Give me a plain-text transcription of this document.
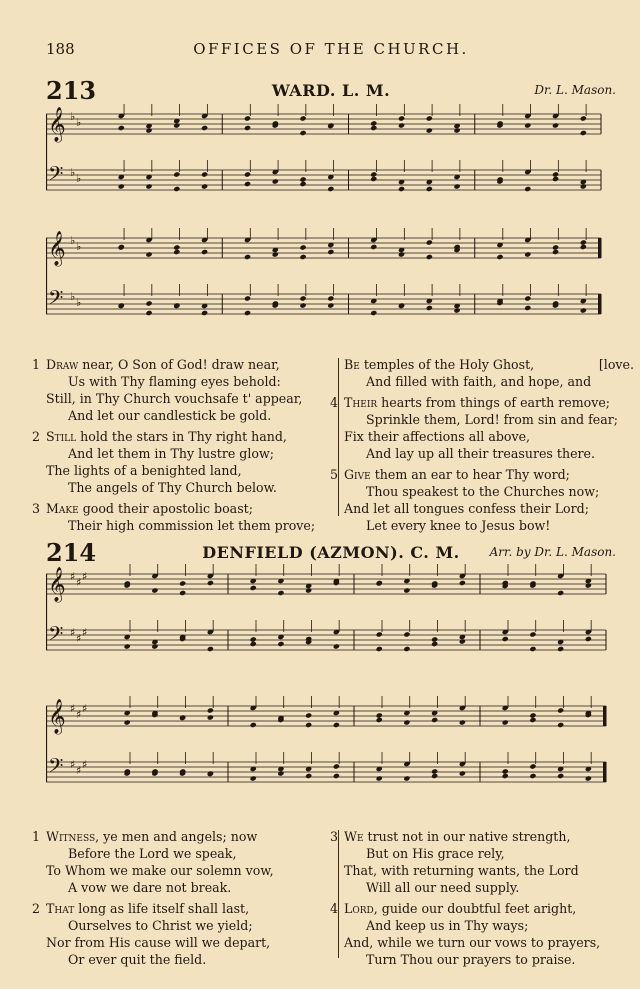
188	OFFICES OF THE CHURCH.
213	WARD. L. M.	Dr. L. Mason.
𝄞 ♭ ♭
𝄢 ♭ ♭
𝄞 ♭ ♭
𝄢 ♭ ♭
1 Draw near, O Son of God! draw near,
Us with Thy flaming eyes behold:
Still, in Thy Church vouchsafe t' appear,
And let our candlestick be gold.
2 Still hold the stars in Thy right hand,
And let them in Thy lustre glow;
The lights of a benighted land,
The angels of Thy Church below.
3 Make good their apostolic boast;
Their high commission let them prove;
Be temples of the Holy Ghost,	[love.
And filled with faith, and hope, and
4 Their hearts from things of earth remove;
Sprinkle them, Lord! from sin and fear;
Fix their affections all above,
And lay up all their treasures there.
5 Give them an ear to hear Thy word;
Thou speakest to the Churches now;
And let all tongues confess their Lord;
Let every knee to Jesus bow!
214	DENFIELD (AZMON). C. M.	Arr. by Dr. L. Mason.
𝄞 ♯ ♯ ♯
𝄢 ♯ ♯ ♯
𝄞 ♯ ♯ ♯
𝄢 ♯ ♯ ♯
1 Witness, ye men and angels; now
Before the Lord we speak,
To Whom we make our solemn vow,
A vow we dare not break.
2 That long as life itself shall last,
Ourselves to Christ we yield;
Nor from His cause will we depart,
Or ever quit the field.
3 We trust not in our native strength,
But on His grace rely,
That, with returning wants, the Lord
Will all our need supply.
4 Lord, guide our doubtful feet aright,
And keep us in Thy ways;
And, while we turn our vows to prayers,
Turn Thou our prayers to praise.
